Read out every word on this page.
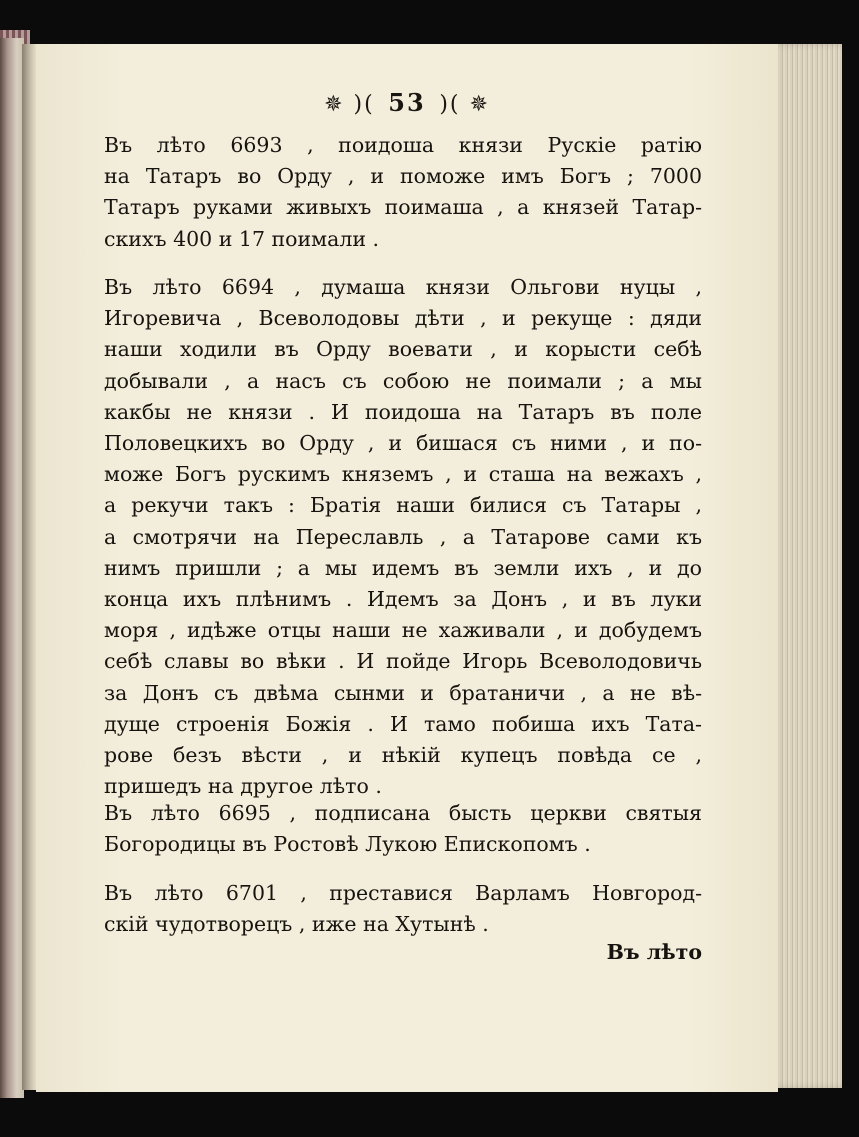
✵ )( 53 )( ✵
Въ лѣто 6693 , поидоша князи Рускіе ратію
на Татаръ во Орду , и поможе имъ Богъ ; 7000
Татаръ руками живыхъ поимаша , а князей Татар-
скихъ 400 и 17 поимали .
Въ лѣто 6694 , думаша князи Ольгови нуцы ,
Игоревича , Всеволодовы дѣти , и рекуще : дяди
наши ходили въ Орду воевати , и корысти себѣ
добывали , а насъ съ собою не поимали ; а мы
какбы не князи . И поидоша на Татаръ въ поле
Половецкихъ во Орду , и бишася съ ними , и по-
може Богъ рускимъ княземъ , и сташа на вежахъ ,
а рекучи такъ : Братія наши билися съ Татары ,
а смотрячи на Переславль , а Татарове сами къ
нимъ пришли ; а мы идемъ въ земли ихъ , и до
конца ихъ плѣнимъ . Идемъ за Донъ , и въ луки
моря , идѣже отцы наши не хаживали , и добудемъ
себѣ славы во вѣки . И пойде Игорь Всеволодовичь
за Донъ съ двѣма сынми и братаничи , а не вѣ-
дуще строенія Божія . И тамо побиша ихъ Тата-
рове безъ вѣсти , и нѣкій купецъ повѣда се ,
пришедъ на другое лѣто .
Въ лѣто 6695 , подписана бысть церкви святыя
Богородицы въ Ростовѣ Лукою Епископомъ .
Въ лѣто 6701 , преставися Варламъ Новгород-
скій чудотворецъ , иже на Хутынѣ .
Въ лѣто
